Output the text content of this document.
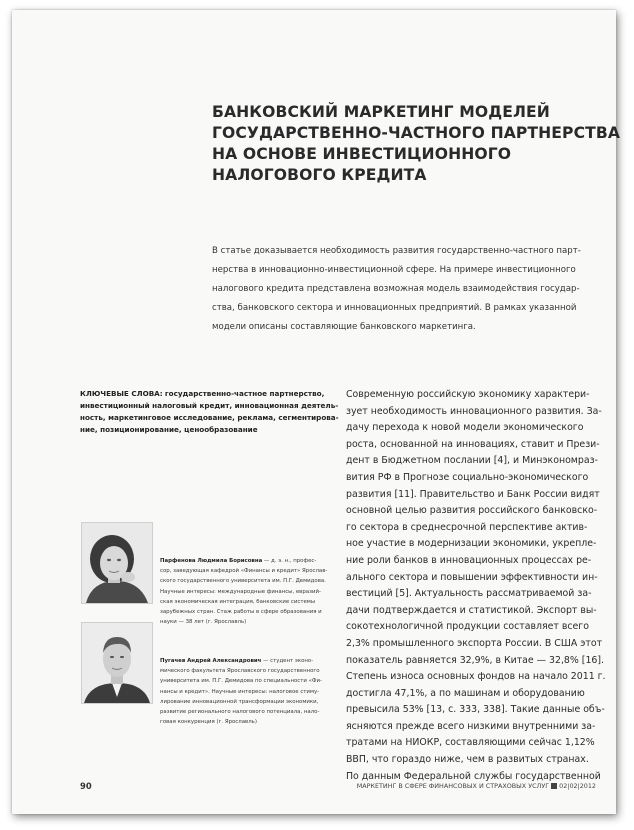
БАНКОВСКИЙ МАРКЕТИНГ МОДЕЛЕЙ
ГОСУДАРСТВЕННО-ЧАСТНОГО ПАРТНЕРСТВА
НА ОСНОВЕ ИНВЕСТИЦИОННОГО
НАЛОГОВОГО КРЕДИТА
В статье доказывается необходимость развития государственно-частного парт-
нерства в инновационно-инвестиционной сфере. На примере инвестиционного
налогового кредита представлена возможная модель взаимодействия государ-
ства, банковского сектора и инновационных предприятий. В рамках указанной
модели описаны составляющие банковского маркетинга.
КЛЮЧЕВЫЕ СЛОВА: государственно-частное партнерство,
инвестиционный налоговый кредит, инновационная деятель-
ность, маркетинговое исследование, реклама, сегментирова-
ние, позиционирование, ценообразование
Современную российскую экономику характери-
зует необходимость инновационного развития. За-
дачу перехода к новой модели экономического
роста, основанной на инновациях, ставит и Прези-
дент в Бюджетном послании [4], и Минэкономраз-
вития РФ в Прогнозе социально-экономического
развития [11]. Правительство и Банк России видят
основной целью развития российского банковско-
го сектора в среднесрочной перспективе актив-
ное участие в модернизации экономики, укрепле-
ние роли банков в инновационных процессах ре-
ального сектора и повышении эффективности ин-
вестиций [5]. Актуальность рассматриваемой за-
дачи подтверждается и статистикой. Экспорт вы-
сокотехнологичной продукции составляет всего
2,3% промышленного экспорта России. В США этот
показатель равняется 32,9%, в Китае — 32,8% [16].
Степень износа основных фондов на начало 2011 г.
достигла 47,1%, а по машинам и оборудованию
превысила 53% [13, с. 333, 338]. Такие данные объ-
ясняются прежде всего низкими внутренними за-
тратами на НИОКР, составляющими сейчас 1,12%
ВВП, что гораздо ниже, чем в развитых странах.
По данным Федеральной службы государственной
Парфенова Людмила Борисовна — д. э. н., профес-
сор, заведующая кафедрой «Финансы и кредит» Ярослав-
ского государственного университета им. П.Г. Демидова.
Научные интересы: международные финансы, евразий-
ская экономическая интеграция, банковские системы
зарубежных стран. Стаж работы в сфере образования и
науки — 38 лет (г. Ярославль)
Пугачев Андрей Александрович — студент эконо-
мического факультета Ярославского государственного
университета им. П.Г. Демидова по специальности «Фи-
нансы и кредит». Научные интересы: налоговое стиму-
лирование инновационной трансформации экономики,
развитие регионального налогового потенциала, нало-
говая конкуренция (г. Ярославль)
90	МАРКЕТИНГ В СФЕРЕ ФИНАНСОВЫХ И СТРАХОВЫХ УСЛУГ 02|02|2012
